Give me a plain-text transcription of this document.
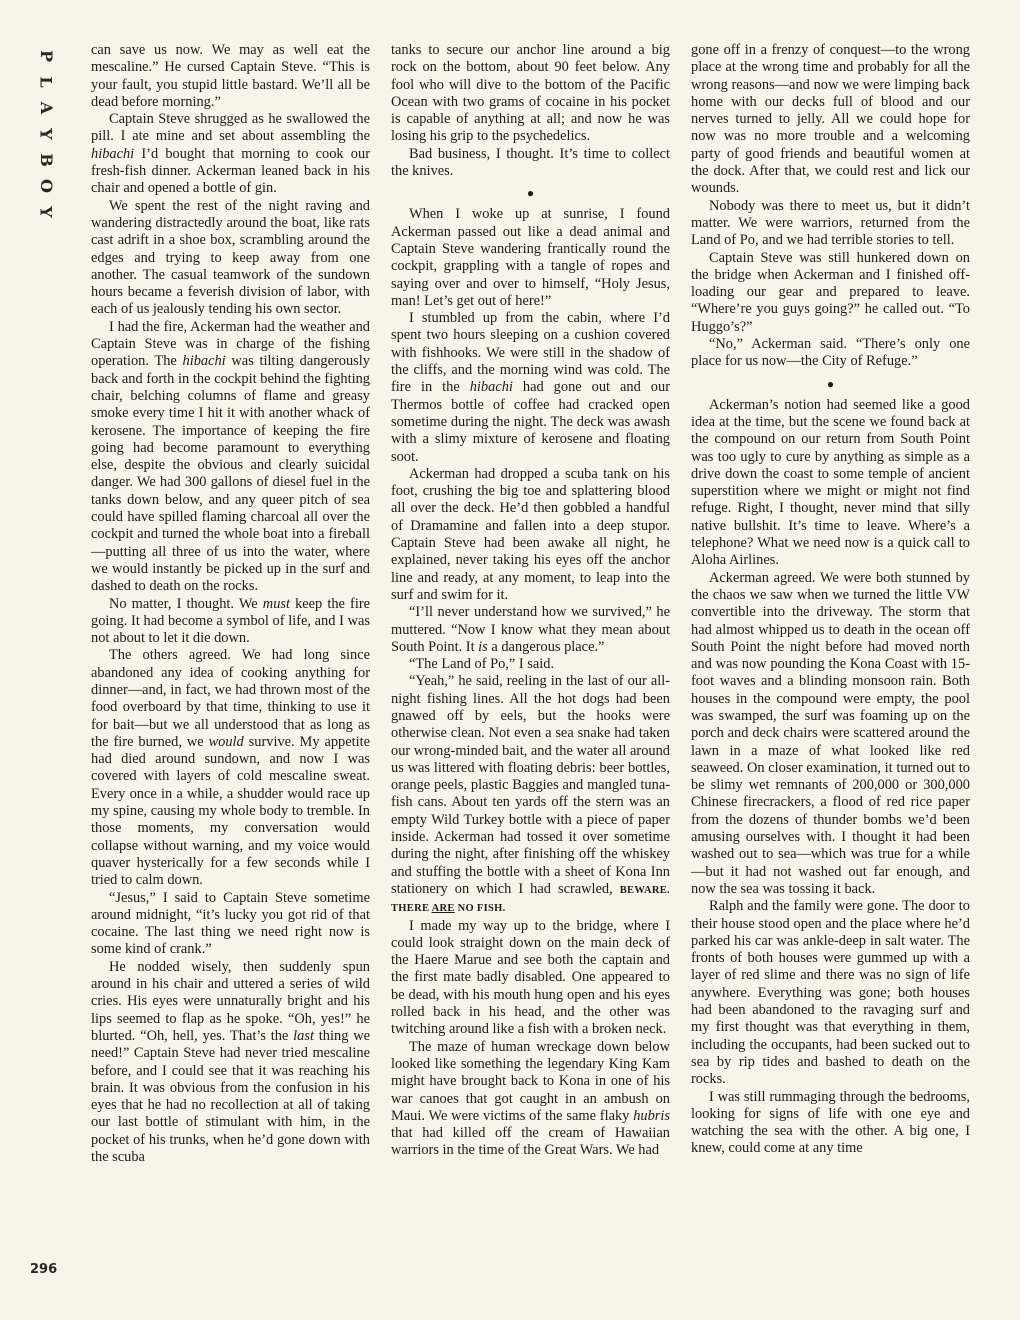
P
L
A
Y
B
O
Y
296

can save us now. We may as well eat the mescaline.” He cursed Captain Steve. “This is your fault, you stupid little bastard. We’ll all be dead before morning.”

Captain Steve shrugged as he swallowed the pill. I ate mine and set about assembling the hibachi I’d bought that morning to cook our fresh-fish dinner. Ackerman leaned back in his chair and opened a bottle of gin.

We spent the rest of the night raving and wandering distractedly around the boat, like rats cast adrift in a shoe box, scrambling around the edges and trying to keep away from one another. The casual teamwork of the sundown hours became a feverish division of labor, with each of us jealously tending his own sector.

I had the fire, Ackerman had the weather and Captain Steve was in charge of the fishing operation. The hibachi was tilting dangerously back and forth in the cockpit behind the fighting chair, belching columns of flame and greasy smoke every time I hit it with another whack of kerosene. The importance of keeping the fire going had become paramount to everything else, despite the obvious and clearly suicidal danger. We had 300 gallons of diesel fuel in the tanks down below, and any queer pitch of sea could have spilled flaming charcoal all over the cockpit and turned the whole boat into a fireball—putting all three of us into the water, where we would instantly be picked up in the surf and dashed to death on the rocks.

No matter, I thought. We must keep the fire going. It had become a symbol of life, and I was not about to let it die down.

The others agreed. We had long since abandoned any idea of cooking anything for dinner—and, in fact, we had thrown most of the food overboard by that time, thinking to use it for bait—but we all understood that as long as the fire burned, we would survive. My appetite had died around sundown, and now I was covered with layers of cold mescaline sweat. Every once in a while, a shudder would race up my spine, causing my whole body to tremble. In those moments, my conversation would collapse without warning, and my voice would quaver hysterically for a few seconds while I tried to calm down.

“Jesus,” I said to Captain Steve sometime around midnight, “it’s lucky you got rid of that cocaine. The last thing we need right now is some kind of crank.”

He nodded wisely, then suddenly spun around in his chair and uttered a series of wild cries. His eyes were unnaturally bright and his lips seemed to flap as he spoke. “Oh, yes!” he blurted. “Oh, hell, yes. That’s the last thing we need!” Captain Steve had never tried mescaline before, and I could see that it was reaching his brain. It was obvious from the confusion in his eyes that he had no recollection at all of taking our last bottle of stimulant with him, in the pocket of his trunks, when he’d gone down with the scuba

tanks to secure our anchor line around a big rock on the bottom, about 90 feet below. Any fool who will dive to the bottom of the Pacific Ocean with two grams of cocaine in his pocket is capable of anything at all; and now he was losing his grip to the psychedelics.

Bad business, I thought. It’s time to collect the knives.

●

When I woke up at sunrise, I found Ackerman passed out like a dead animal and Captain Steve wandering frantically round the cockpit, grappling with a tangle of ropes and saying over and over to himself, “Holy Jesus, man! Let’s get out of here!”

I stumbled up from the cabin, where I’d spent two hours sleeping on a cushion covered with fishhooks. We were still in the shadow of the cliffs, and the morning wind was cold. The fire in the hibachi had gone out and our Thermos bottle of coffee had cracked open sometime during the night. The deck was awash with a slimy mixture of kerosene and floating soot.

Ackerman had dropped a scuba tank on his foot, crushing the big toe and splattering blood all over the deck. He’d then gobbled a handful of Dramamine and fallen into a deep stupor. Captain Steve had been awake all night, he explained, never taking his eyes off the anchor line and ready, at any moment, to leap into the surf and swim for it.

“I’ll never understand how we survived,” he muttered. “Now I know what they mean about South Point. It is a dangerous place.”

“The Land of Po,” I said.

“Yeah,” he said, reeling in the last of our all-night fishing lines. All the hot dogs had been gnawed off by eels, but the hooks were otherwise clean. Not even a sea snake had taken our wrong-minded bait, and the water all around us was littered with floating debris: beer bottles, orange peels, plastic Baggies and mangled tuna-fish cans. About ten yards off the stern was an empty Wild Turkey bottle with a piece of paper inside. Ackerman had tossed it over sometime during the night, after finishing off the whiskey and stuffing the bottle with a sheet of Kona Inn stationery on which I had scrawled, BEWARE. THERE ARE NO FISH.

I made my way up to the bridge, where I could look straight down on the main deck of the Haere Marue and see both the captain and the first mate badly disabled. One appeared to be dead, with his mouth hung open and his eyes rolled back in his head, and the other was twitching around like a fish with a broken neck.

The maze of human wreckage down below looked like something the legendary King Kam might have brought back to Kona in one of his war canoes that got caught in an ambush on Maui. We were victims of the same flaky hubris that had killed off the cream of Hawaiian warriors in the time of the Great Wars. We had

gone off in a frenzy of conquest—to the wrong place at the wrong time and probably for all the wrong reasons—and now we were limping back home with our decks full of blood and our nerves turned to jelly. All we could hope for now was no more trouble and a welcoming party of good friends and beautiful women at the dock. After that, we could rest and lick our wounds.

Nobody was there to meet us, but it didn’t matter. We were warriors, returned from the Land of Po, and we had terrible stories to tell.

Captain Steve was still hunkered down on the bridge when Ackerman and I finished off-loading our gear and prepared to leave. “Where’re you guys going?” he called out. “To Huggo’s?”

“No,” Ackerman said. “There’s only one place for us now—the City of Refuge.”

●

Ackerman’s notion had seemed like a good idea at the time, but the scene we found back at the compound on our return from South Point was too ugly to cure by anything as simple as a drive down the coast to some temple of ancient superstition where we might or might not find refuge. Right, I thought, never mind that silly native bullshit. It’s time to leave. Where’s a telephone? What we need now is a quick call to Aloha Airlines.

Ackerman agreed. We were both stunned by the chaos we saw when we turned the little VW convertible into the driveway. The storm that had almost whipped us to death in the ocean off South Point the night before had moved north and was now pounding the Kona Coast with 15-foot waves and a blinding monsoon rain. Both houses in the compound were empty, the pool was swamped, the surf was foaming up on the porch and deck chairs were scattered around the lawn in a maze of what looked like red seaweed. On closer examination, it turned out to be slimy wet remnants of 200,000 or 300,000 Chinese firecrackers, a flood of red rice paper from the dozens of thunder bombs we’d been amusing ourselves with. I thought it had been washed out to sea—which was true for a while—but it had not washed out far enough, and now the sea was tossing it back.

Ralph and the family were gone. The door to their house stood open and the place where he’d parked his car was ankle-deep in salt water. The fronts of both houses were gummed up with a layer of red slime and there was no sign of life anywhere. Everything was gone; both houses had been abandoned to the ravaging surf and my first thought was that everything in them, including the occupants, had been sucked out to sea by rip tides and bashed to death on the rocks.

I was still rummaging through the bedrooms, looking for signs of life with one eye and watching the sea with the other. A big one, I knew, could come at any time
